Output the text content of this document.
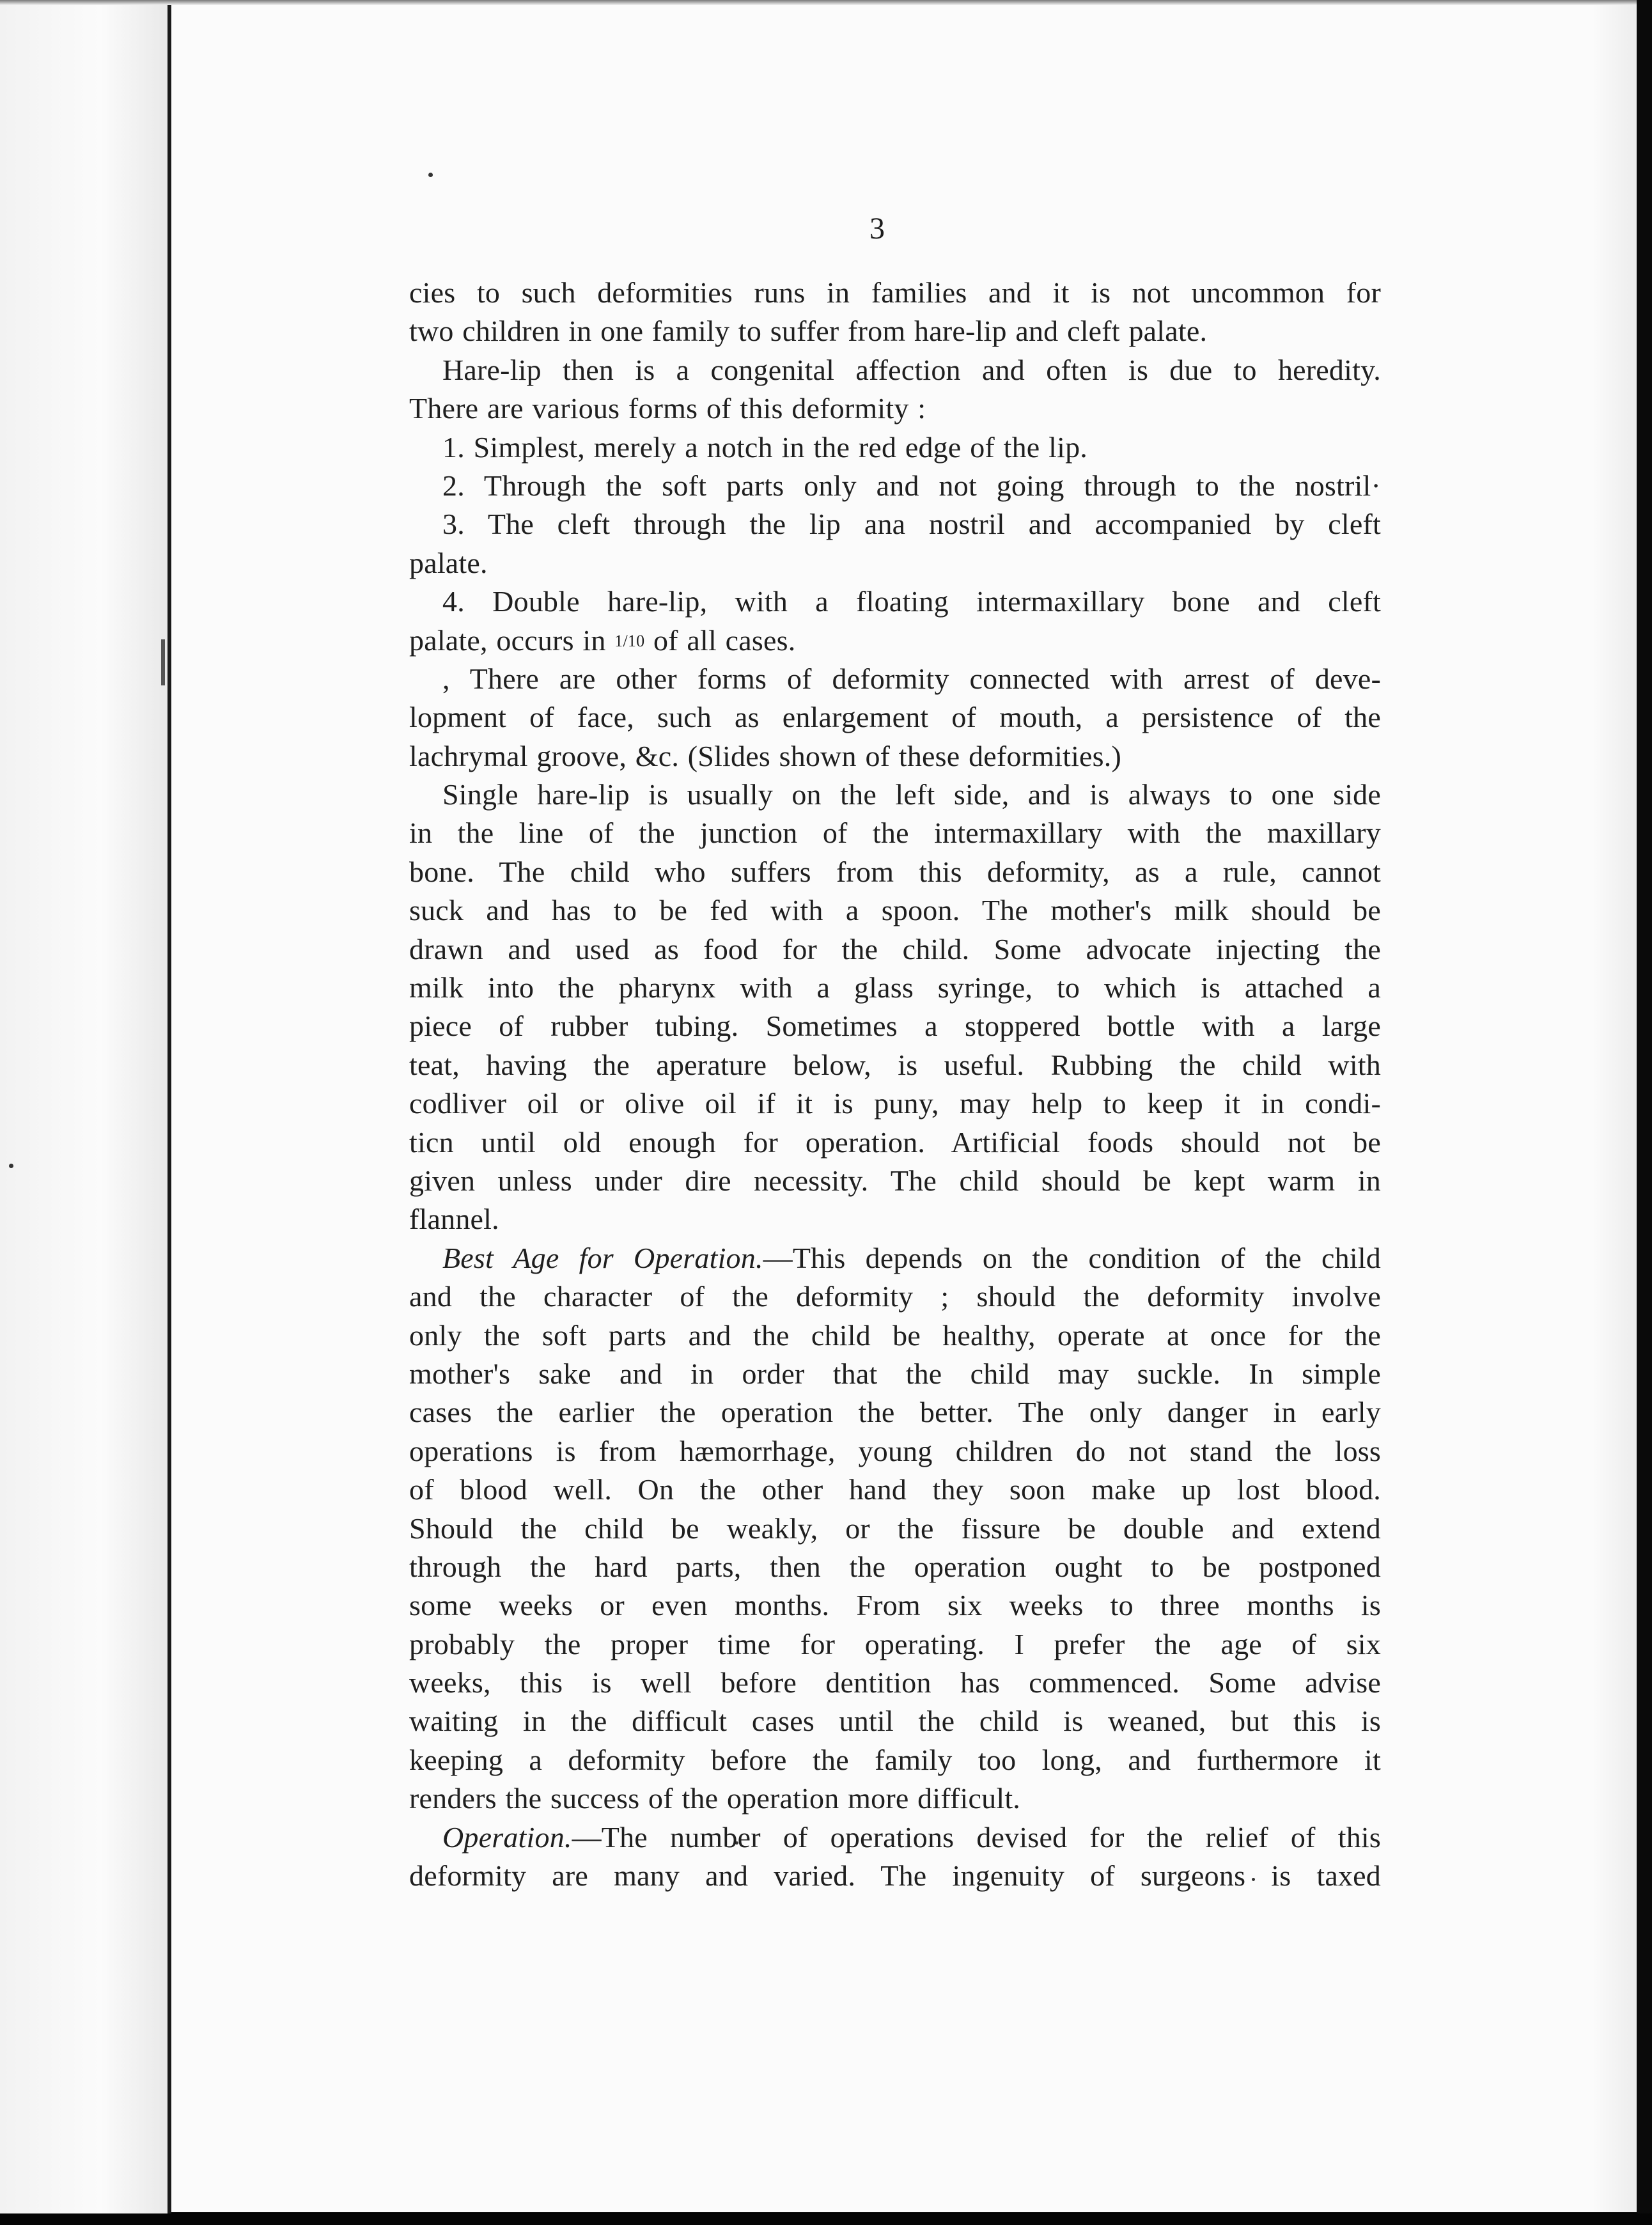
3
cies to such deformities runs in families and it is not uncommon for
two children in one family to suffer from hare-lip and cleft palate.
Hare-lip then is a congenital affection and often is due to heredity.
There are various forms of this deformity :
1. Simplest, merely a notch in the red edge of the lip.
2. Through the soft parts only and not going through to the nostril·
3. The cleft through the lip ana nostril and accompanied by cleft
palate.
4. Double hare-lip, with a floating intermaxillary bone and cleft
palate, occurs in 1/10 of all cases.
, There are other forms of deformity connected with arrest of deve-
lopment of face, such as enlargement of mouth, a persistence of the
lachrymal groove, &c. (Slides shown of these deformities.)
Single hare-lip is usually on the left side, and is always to one side
in the line of the junction of the intermaxillary with the maxillary
bone. The child who suffers from this deformity, as a rule, cannot
suck and has to be fed with a spoon. The mother's milk should be
drawn and used as food for the child. Some advocate injecting the
milk into the pharynx with a glass syringe, to which is attached a
piece of rubber tubing. Sometimes a stoppered bottle with a large
teat, having the aperature below, is useful. Rubbing the child with
codliver oil or olive oil if it is puny, may help to keep it in condi-
ticn until old enough for operation. Artificial foods should not be
given unless under dire necessity. The child should be kept warm in
flannel.
Best Age for Operation.—This depends on the condition of the child
and the character of the deformity ; should the deformity involve
only the soft parts and the child be healthy, operate at once for the
mother's sake and in order that the child may suckle. In simple
cases the earlier the operation the better. The only danger in early
operations is from hæmorrhage, young children do not stand the loss
of blood well. On the other hand they soon make up lost blood.
Should the child be weakly, or the fissure be double and extend
through the hard parts, then the operation ought to be postponed
some weeks or even months. From six weeks to three months is
probably the proper time for operating. I prefer the age of six
weeks, this is well before dentition has commenced. Some advise
waiting in the difficult cases until the child is weaned, but this is
keeping a deformity before the family too long, and furthermore it
renders the success of the operation more difficult.
Operation.—The number of operations devised for the relief of this
deformity are many and varied. The ingenuity of surgeons is taxed
